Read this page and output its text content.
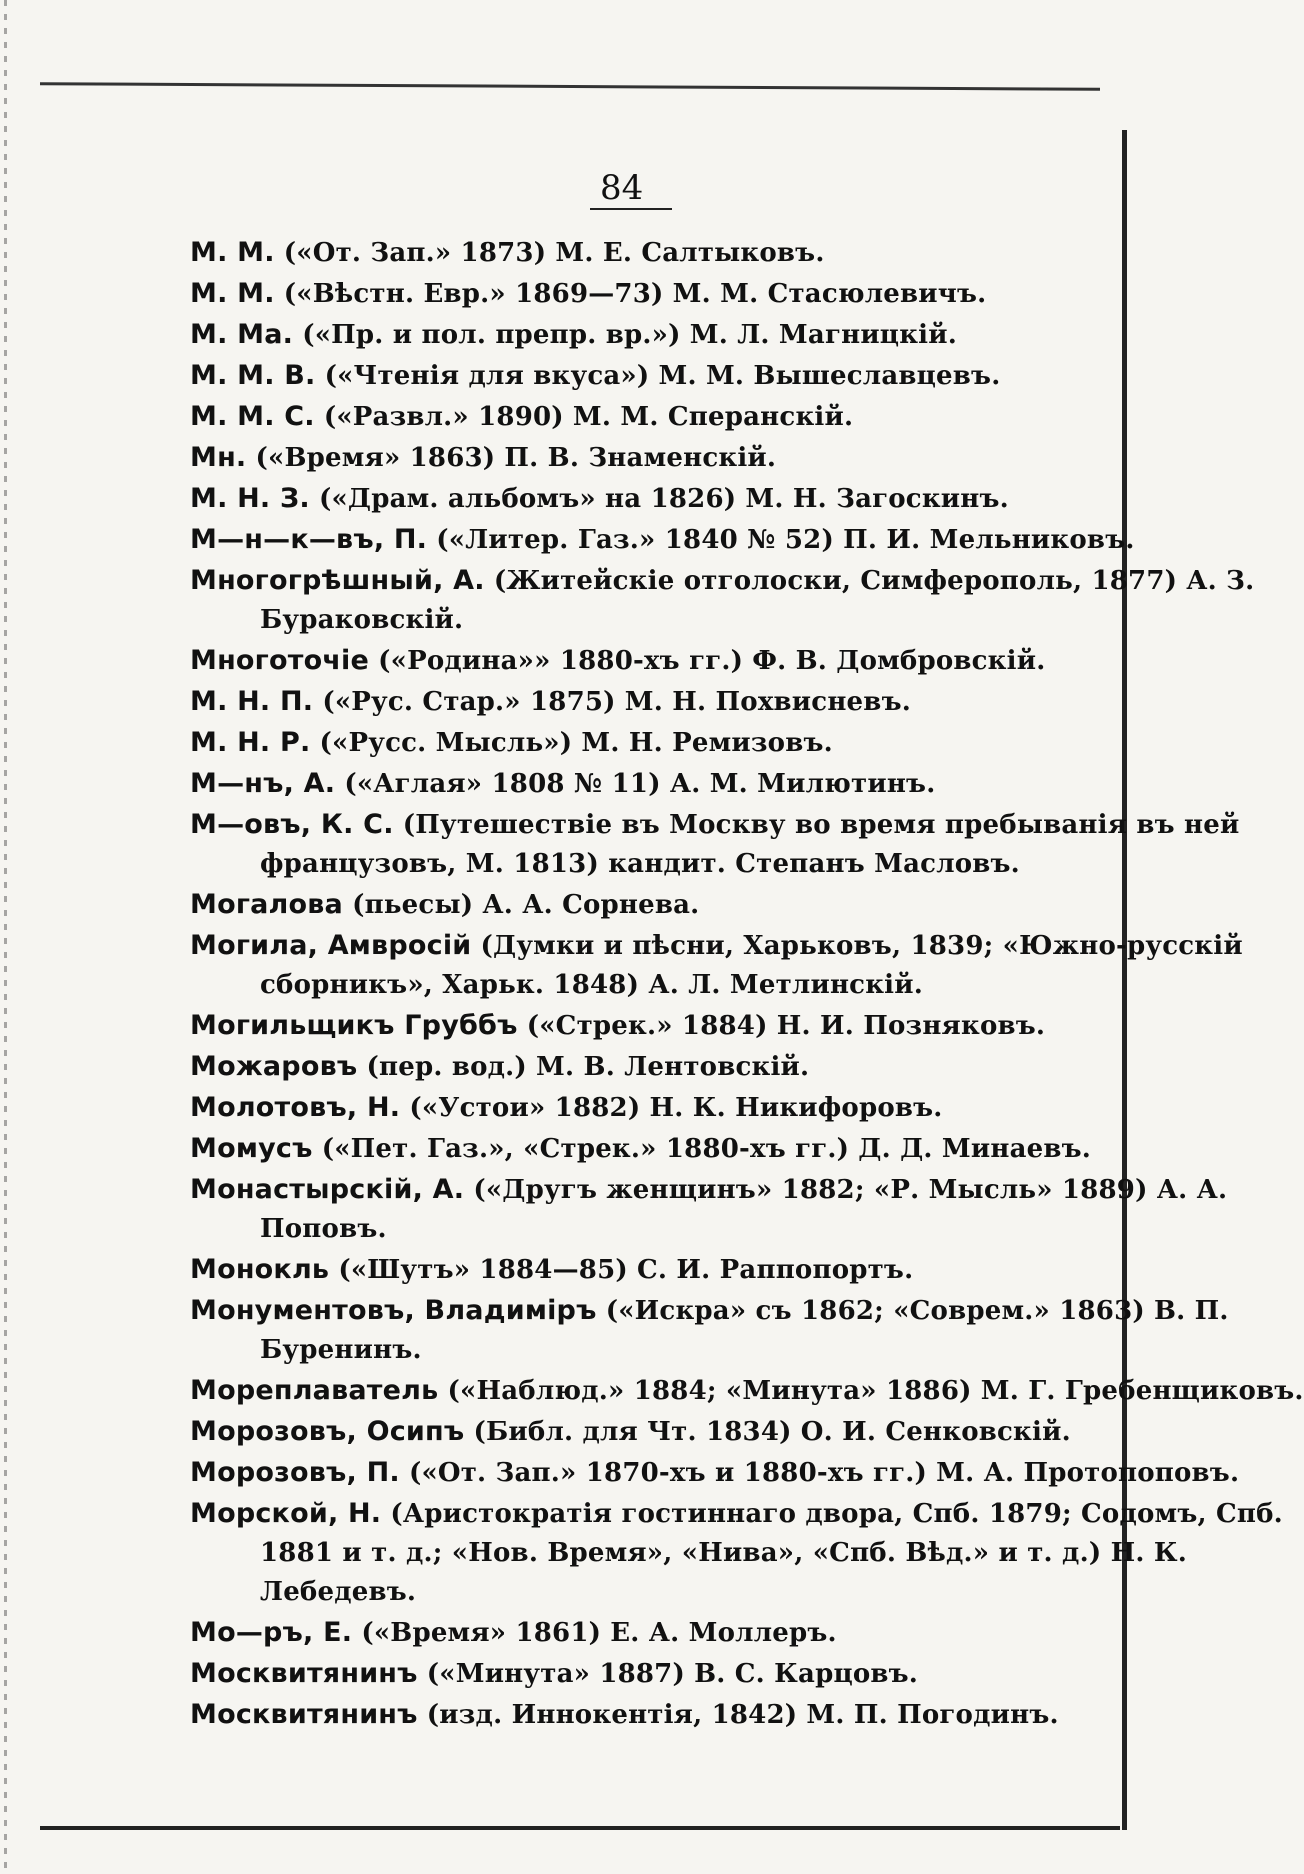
84
М. М. («От. Зап.» 1873) М. Е. Салтыковъ.
М. М. («Вѣстн. Евр.» 1869—73) М. М. Стасюлевичъ.
М. Ма. («Пр. и пол. препр. вр.») М. Л. Магницкій.
М. М. В. («Чтенія для вкуса») М. М. Вышеславцевъ.
М. М. С. («Развл.» 1890) М. М. Сперанскій.
Мн. («Время» 1863) П. В. Знаменскій.
М. Н. З. («Драм. альбомъ» на 1826) М. Н. Загоскинъ.
М—н—к—въ, П. («Литер. Газ.» 1840 № 52) П. И. Мельниковъ.
Многогрѣшный, А. (Житейскіе отголоски, Симферополь, 1877) А. З.
Бураковскій.
Многоточіе («Родина»» 1880-хъ гг.) Ф. В. Домбровскій.
М. Н. П. («Рус. Стар.» 1875) М. Н. Похвисневъ.
М. Н. Р. («Русс. Мысль») М. Н. Ремизовъ.
М—нъ, А. («Аглая» 1808 № 11) А. М. Милютинъ.
М—овъ, К. С. (Путешествіе въ Москву во время пребыванія въ ней
французовъ, М. 1813) кандит. Степанъ Масловъ.
Могалова (пьесы) А. А. Сорнева.
Могила, Амвросій (Думки и пѣсни, Харьковъ, 1839; «Южно-русскій
сборникъ», Харьк. 1848) А. Л. Метлинскій.
Могильщикъ Груббъ («Стрек.» 1884) Н. И. Позняковъ.
Можаровъ (пер. вод.) М. В. Лентовскій.
Молотовъ, Н. («Устои» 1882) Н. К. Никифоровъ.
Момусъ («Пет. Газ.», «Стрек.» 1880-хъ гг.) Д. Д. Минаевъ.
Монастырскій, А. («Другъ женщинъ» 1882; «Р. Мысль» 1889) А. А.
Поповъ.
Монокль («Шутъ» 1884—85) С. И. Раппопортъ.
Монументовъ, Владиміръ («Искра» съ 1862; «Соврем.» 1863) В. П.
Буренинъ.
Мореплаватель («Наблюд.» 1884; «Минута» 1886) М. Г. Гребенщиковъ.
Морозовъ, Осипъ (Библ. для Чт. 1834) О. И. Сенковскій.
Морозовъ, П. («От. Зап.» 1870-хъ и 1880-хъ гг.) М. А. Протопоповъ.
Морской, Н. (Аристократія гостиннаго двора, Спб. 1879; Содомъ, Спб.
1881 и т. д.; «Нов. Время», «Нива», «Спб. Вѣд.» и т. д.) Н. К.
Лебедевъ.
Мо—ръ, Е. («Время» 1861) Е. А. Моллеръ.
Москвитянинъ («Минута» 1887) В. С. Карцовъ.
Москвитянинъ (изд. Иннокентія, 1842) М. П. Погодинъ.
